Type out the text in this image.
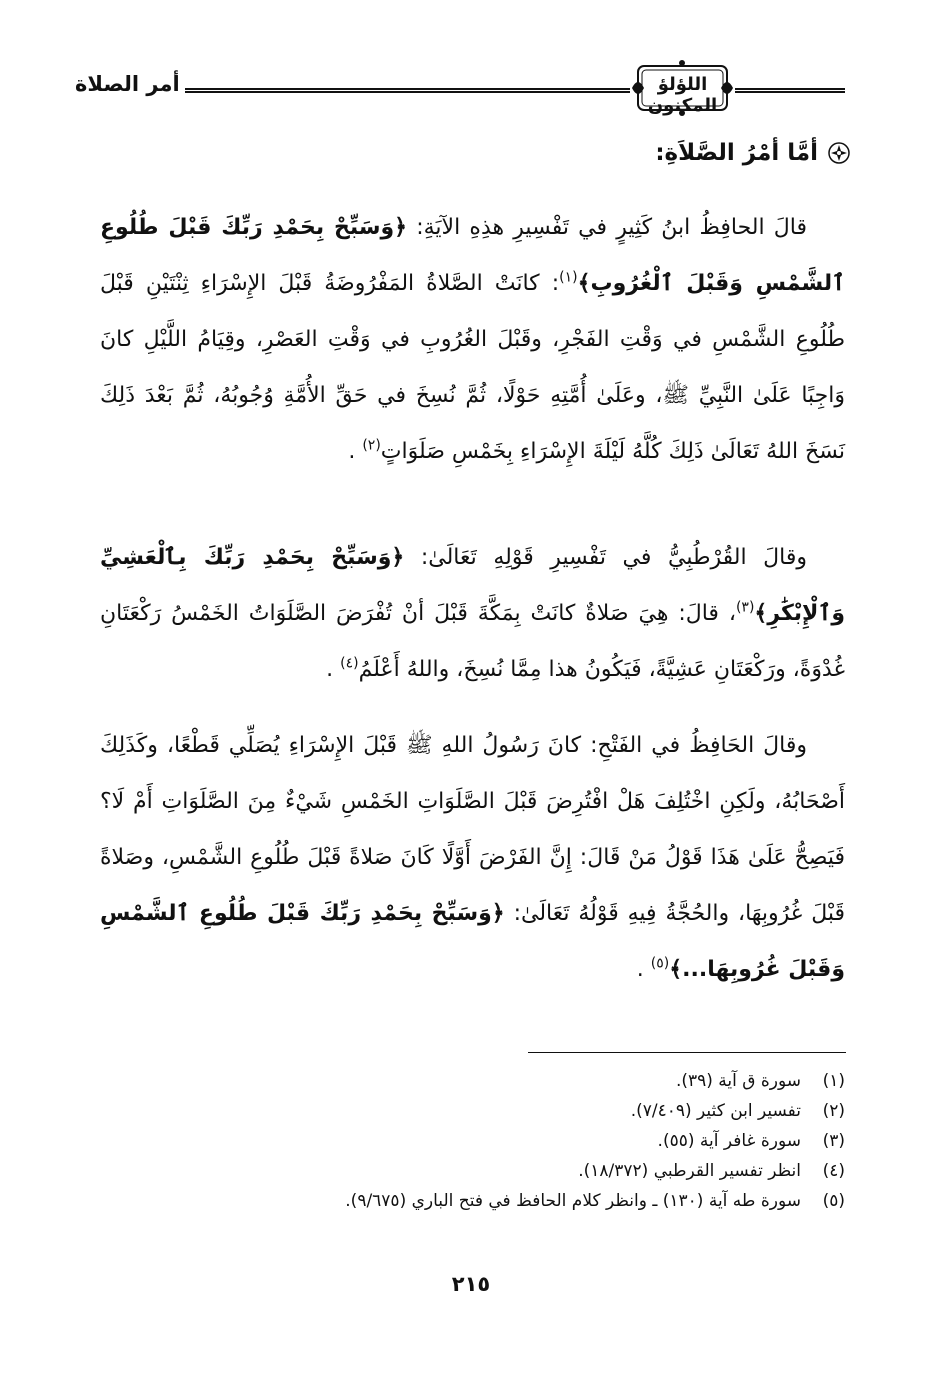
اللؤلؤ المكنون
أمر الصلاة
أمَّا أمْرُ الصَّلاَةِ:

قالَ الحافِظُ ابنُ كَثِيرٍ في تَفْسِيرِ هذِهِ الآيَةِ: ﴿وَسَبِّحْ بِحَمْدِ رَبِّكَ قَبْلَ طُلُوعِ ٱلشَّمْسِ وَقَبْلَ ٱلْغُرُوبِ﴾$^{(١)}$: كانَتْ الصَّلاةُ المَفْرُوضَةُ قَبْلَ الإِسْرَاءِ ثِنْتَيْنِ قَبْلَ طُلُوعِ الشَّمْسِ في وَقْتِ الفَجْرِ، وقَبْلَ الغُرُوبِ في وَقْتِ العَصْرِ، وقِيَامُ اللَّيْلِ كانَ وَاجِبًا عَلَىٰ النَّبِيِّ ﷺ، وعَلَىٰ أُمَّتِهِ حَوْلًا، ثُمَّ نُسِخَ في حَقِّ الأُمَّةِ وُجُوبُهُ، ثُمَّ بَعْدَ ذَلِكَ نَسَخَ اللهُ تَعَالَىٰ ذَلِكَ كُلَّهُ لَيْلَةَ الإِسْرَاءِ بِخَمْسِ صَلَوَاتٍ$^{(٢)}$ .

وقالَ القُرْطُبِيُّ في تَفْسِيرِ قَوْلِهِ تَعَالَىٰ: ﴿وَسَبِّحْ بِحَمْدِ رَبِّكَ بِٱلْعَشِيِّ وَٱلْإِبْكَٰرِ﴾$^{(٣)}$، قالَ: هِيَ صَلاةٌ كانَتْ بِمَكَّةَ قَبْلَ أنْ تُفْرَضَ الصَّلَوَاتُ الخَمْسُ رَكْعَتَانِ غُدْوَةً، ورَكْعَتَانِ عَشِيَّةً، فَيَكُونُ هذا مِمَّا نُسِخَ، واللهُ أَعْلَمُ$^{(٤)}$ .

وقالَ الحَافِظُ في الفَتْحِ: كانَ رَسُولُ اللهِ ﷺ قَبْلَ الإِسْرَاءِ يُصَلِّي قَطْعًا، وكَذَلِكَ أَصْحَابُهُ، ولَكِنِ اخْتُلِفَ هَلْ افْتُرِضَ قَبْلَ الصَّلَوَاتِ الخَمْسِ شَيْءٌ مِنَ الصَّلَوَاتِ أَمْ لَا؟ فَيَصِحُّ عَلَىٰ هَذَا قَوْلُ مَنْ قَالَ: إِنَّ الفَرْضَ أَوَّلًا كَانَ صَلاةً قَبْلَ طُلُوعِ الشَّمْسِ، وصَلاةً قَبْلَ غُرُوبِهَا، والحُجَّةُ فِيهِ قَوْلُهُ تَعَالَىٰ: ﴿وَسَبِّحْ بِحَمْدِ رَبِّكَ قَبْلَ طُلُوعِ ٱلشَّمْسِ وَقَبْلَ غُرُوبِهَا...﴾$^{(٥)}$ .

(١)سورة ق آية (٣٩).
(٢)تفسير ابن كثير (٧/٤٠٩).
(٣)سورة غافر آية (٥٥).
(٤)انظر تفسير القرطبي (١٨/٣٧٢).
(٥)سورة طه آية (١٣٠) ـ وانظر كلام الحافظ في فتح الباري (٩/٦٧٥).
٢١٥
